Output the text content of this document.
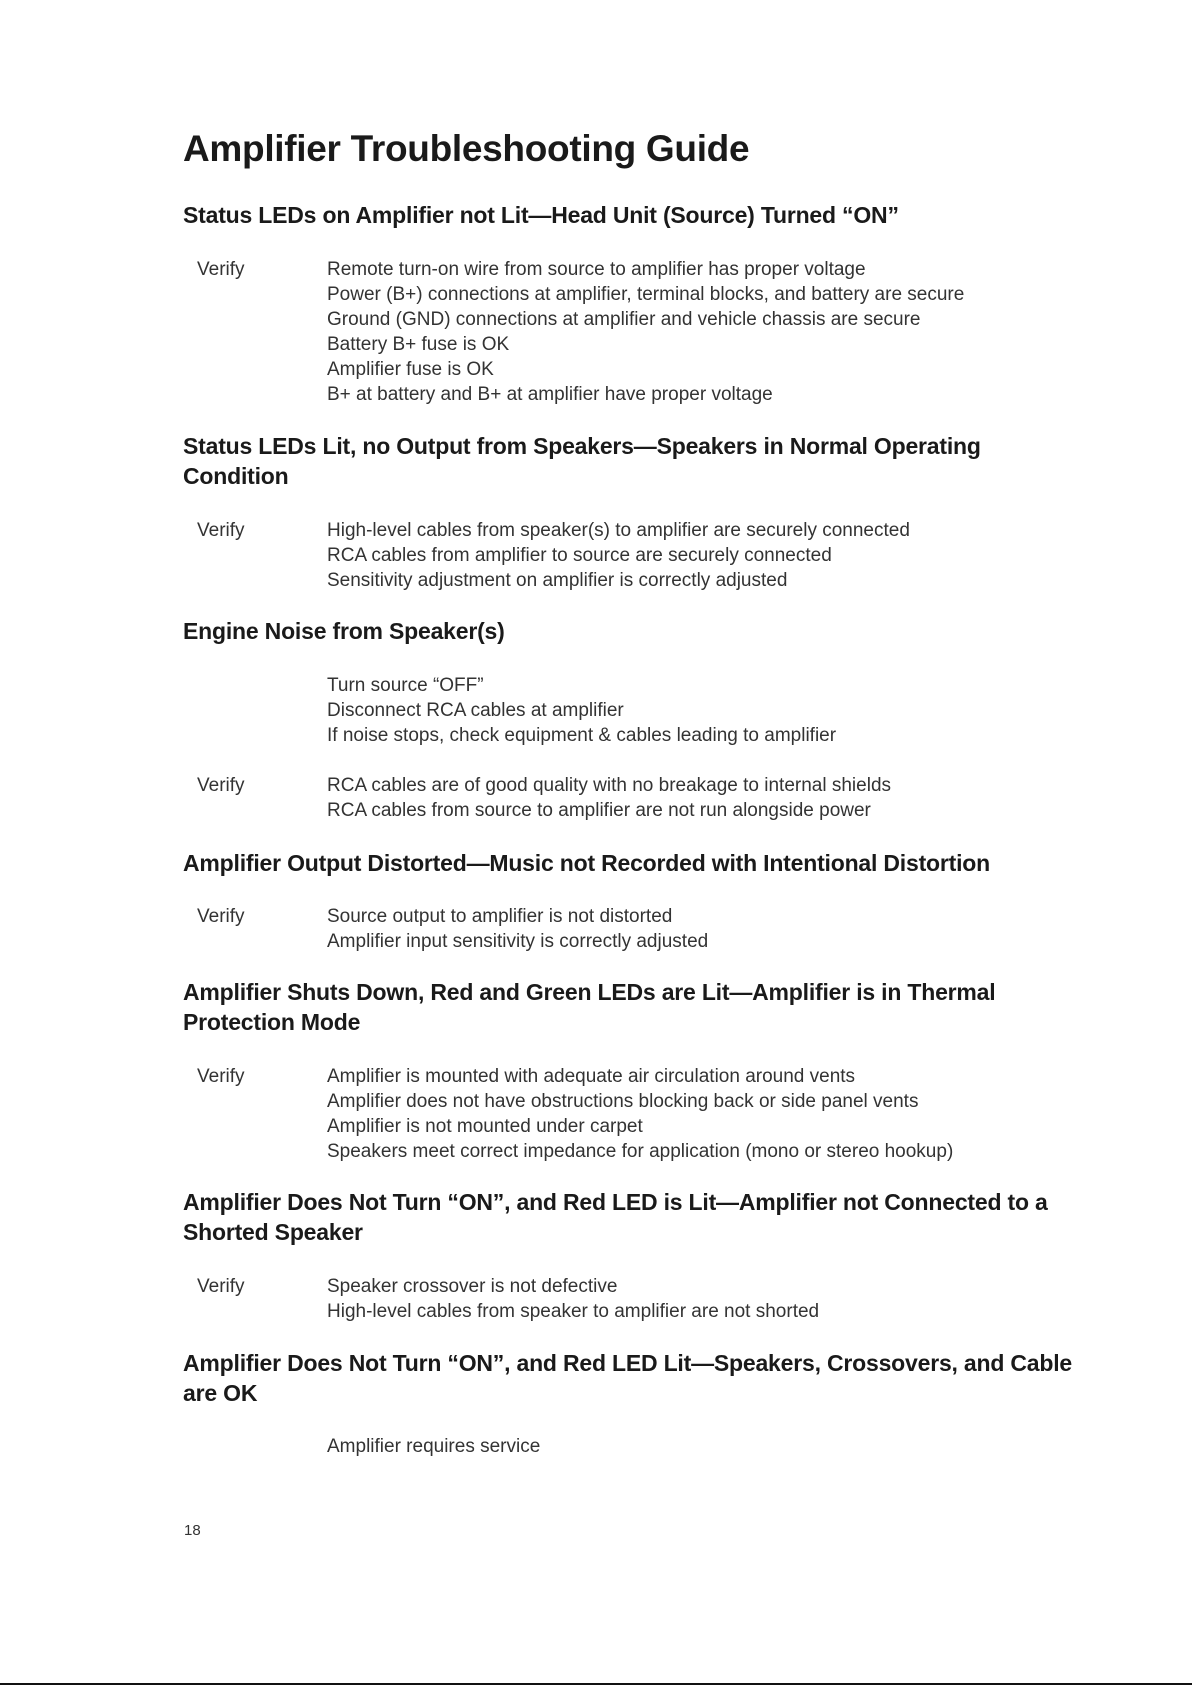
Amplifier Troubleshooting Guide
Status LEDs on Amplifier not Lit—Head Unit (Source) Turned “ON”
Verify	Remote turn-on wire from source to amplifier has proper voltage
Power (B+) connections at amplifier, terminal blocks, and battery are secure
Ground (GND) connections at amplifier and vehicle chassis are secure
Battery B+ fuse is OK
Amplifier fuse is OK
B+ at battery and B+ at amplifier have proper voltage
Status LEDs Lit, no Output from Speakers—Speakers in Normal Operating Condition
Verify	High-level cables from speaker(s) to amplifier are securely connected
RCA cables from amplifier to source are securely connected
Sensitivity adjustment on amplifier is correctly adjusted
Engine Noise from Speaker(s)
Turn source “OFF”
Disconnect RCA cables at amplifier
If noise stops, check equipment & cables leading to amplifier
Verify	RCA cables are of good quality with no breakage to internal shields
RCA cables from source to amplifier are not run alongside power
Amplifier Output Distorted—Music not Recorded with Intentional Distortion
Verify	Source output to amplifier is not distorted
Amplifier input sensitivity is correctly adjusted
Amplifier Shuts Down, Red and Green LEDs are Lit—Amplifier is in Thermal Protection Mode
Verify	Amplifier is mounted with adequate air circulation around vents
Amplifier does not have obstructions blocking back or side panel vents
Amplifier is not mounted under carpet
Speakers meet correct impedance for application (mono or stereo hookup)
Amplifier Does Not Turn “ON”, and Red LED is Lit—Amplifier not Connected to a Shorted Speaker
Verify	Speaker crossover is not defective
High-level cables from speaker to amplifier are not shorted
Amplifier Does Not Turn “ON”, and Red LED Lit—Speakers, Crossovers, and Cable are OK
Amplifier requires service
18
